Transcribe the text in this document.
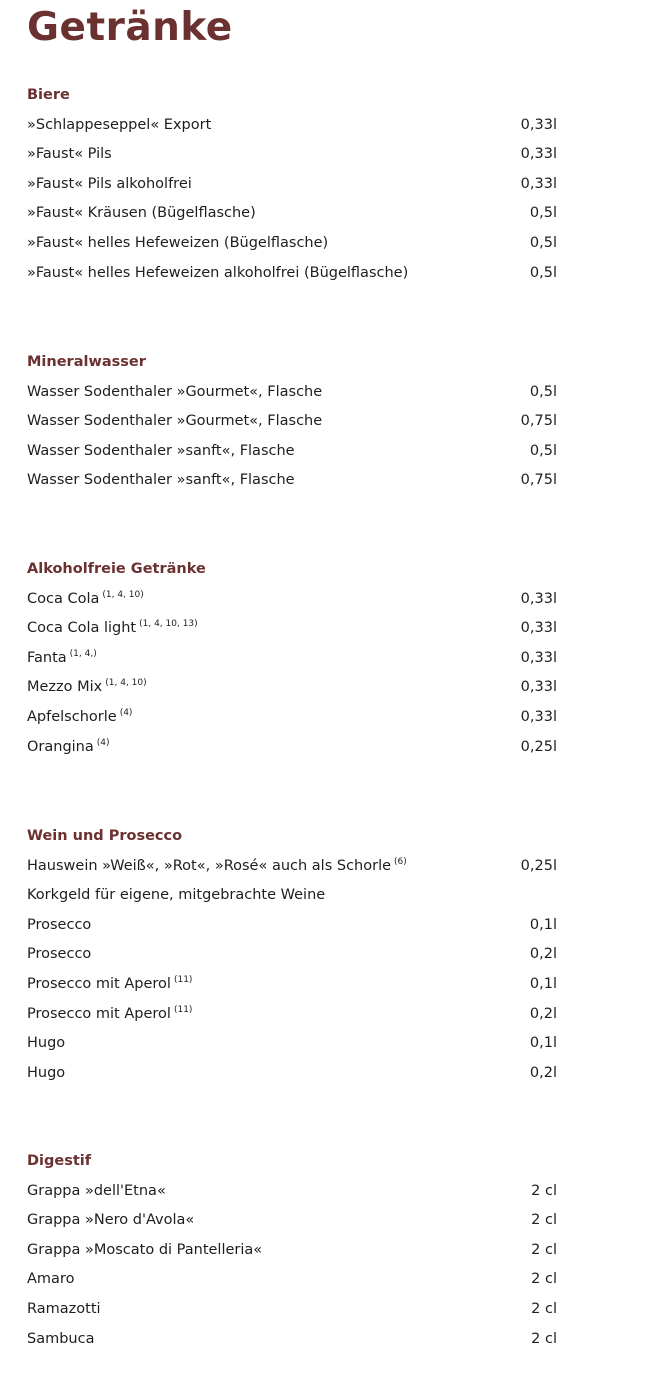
Getränke
Biere
»Schlappeseppel« Export	0,33l
»Faust« Pils	0,33l
»Faust« Pils alkoholfrei	0,33l
»Faust« Kräusen (Bügelflasche)	0,5l
»Faust« helles Hefeweizen (Bügelflasche)	0,5l
»Faust« helles Hefeweizen alkoholfrei (Bügelflasche)	0,5l
Mineralwasser
Wasser Sodenthaler »Gourmet«, Flasche	0,5l
Wasser Sodenthaler »Gourmet«, Flasche	0,75l
Wasser Sodenthaler »sanft«, Flasche	0,5l
Wasser Sodenthaler »sanft«, Flasche	0,75l
Alkoholfreie Getränke
Coca Cola $^{(1, 4, 10)}$	0,33l
Coca Cola light $^{(1, 4, 10, 13)}$	0,33l
Fanta $^{(1, 4,)}$	0,33l
Mezzo Mix $^{(1, 4, 10)}$	0,33l
Apfelschorle $^{(4)}$	0,33l
Orangina $^{(4)}$	0,25l
Wein und Prosecco
Hauswein »Weiß«, »Rot«, »Rosé« auch als Schorle $^{(6)}$	0,25l
Korkgeld für eigene, mitgebrachte Weine
Prosecco	0,1l
Prosecco	0,2l
Prosecco mit Aperol $^{(11)}$	0,1l
Prosecco mit Aperol $^{(11)}$	0,2l
Hugo	0,1l
Hugo	0,2l
Digestif
Grappa »dell'Etna«	2 cl
Grappa »Nero d'Avola«	2 cl
Grappa »Moscato di Pantelleria«	2 cl
Amaro	2 cl
Ramazotti	2 cl
Sambuca	2 cl
